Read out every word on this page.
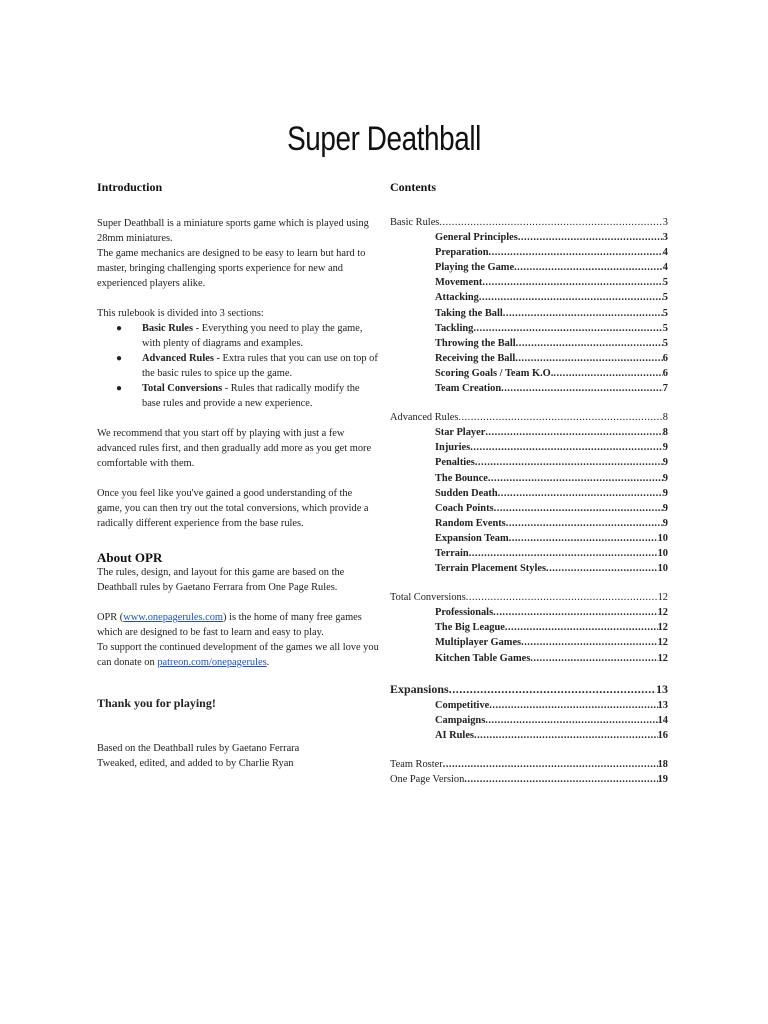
Super Deathball
Introduction

Super Deathball is a miniature sports game which is played using 28mm miniatures.

The game mechanics are designed to be easy to learn but hard to master, bringing challenging sports experience for new and experienced players alike.

This rulebook is divided into 3 sections:

● Basic Rules - Everything you need to play the game, with plenty of diagrams and examples.
● Advanced Rules - Extra rules that you can use on top of the basic rules to spice up the game.
● Total Conversions - Rules that radically modify the base rules and provide a new experience.

We recommend that you start off by playing with just a few advanced rules first, and then gradually add more as you get more comfortable with them.

Once you feel like you've gained a good understanding of the game, you can then try out the total conversions, which provide a radically different experience from the base rules.

About OPR

The rules, design, and layout for this game are based on the Deathball rules by Gaetano Ferrara from One Page Rules.

OPR (www.onepagerules.com) is the home of many free games which are designed to be fast to learn and easy to play.

To support the continued development of the games we all love you can donate on patreon.com/onepagerules.

Thank you for playing!

Based on the Deathball rules by Gaetano Ferrara

Tweaked, edited, and added to by Charlie Ryan

Contents
Basic Rules .....	3
General Principles .....	3
Preparation .....	4
Playing the Game .....	4
Movement .....	5
Attacking .....	5
Taking the Ball .....	5
Tackling .....	5
Throwing the Ball .....	5
Receiving the Ball .....	6
Scoring Goals / Team K.O. .....	6
Team Creation .....	7
Advanced Rules .....	8
Star Player .....	8
Injuries .....	9
Penalties .....	9
The Bounce .....	9
Sudden Death .....	9
Coach Points .....	9
Random Events .....	9
Expansion Team .....	10
Terrain .....	10
Terrain Placement Styles .....	10
Total Conversions .....	12
Professionals .....	12
The Big League .....	12
Multiplayer Games .....	12
Kitchen Table Games .....	12
Expansions .....	13
Competitive .....	13
Campaigns .....	14
AI Rules .....	16
Team Roster .....	18
One Page Version .....	19
